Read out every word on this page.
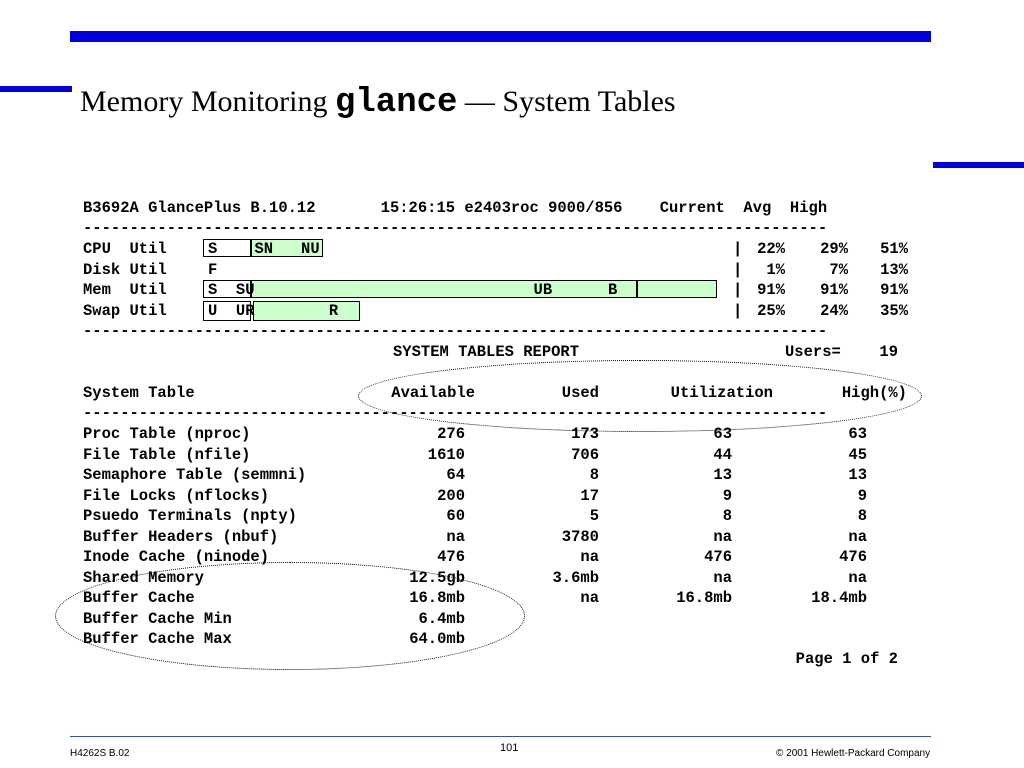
Memory Monitoring glance — System Tables
B3692A GlancePlus B.10.12       15:26:15 e2403roc 9000/856    Current  Avg  High
--------------------------------------------------------------------------------
CPU  Util	S    SN   NU	| 22%	29%	51%
Disk Util	F	|	1%	7%	13%
Mem  Util	S  SU                              UB      B	| 91%	91%	91%
Swap Util	U  UR        R	| 25%	24%	35%
--------------------------------------------------------------------------------
SYSTEM TABLES REPORT	Users=	19
System Table	Available	Used	Utilization	High(%)
--------------------------------------------------------------------------------
Proc Table (nproc)	276	173	63	63
File Table (nfile)	1610	706	44	45
Semaphore Table (semmni)	64	8	13	13
File Locks (nflocks)	200	17	9	9
Psuedo Terminals (npty)	60	5	8	8
Buffer Headers (nbuf)	na	3780	na	na
Inode Cache (ninode)	476	na	476	476
Shared Memory	12.5gb	3.6mb	na	na
Buffer Cache	16.8mb	na	16.8mb	18.4mb
Buffer Cache Min	6.4mb
Buffer Cache Max	64.0mb
Page 1 of 2
H4262S B.02	101	© 2001 Hewlett-Packard Company
